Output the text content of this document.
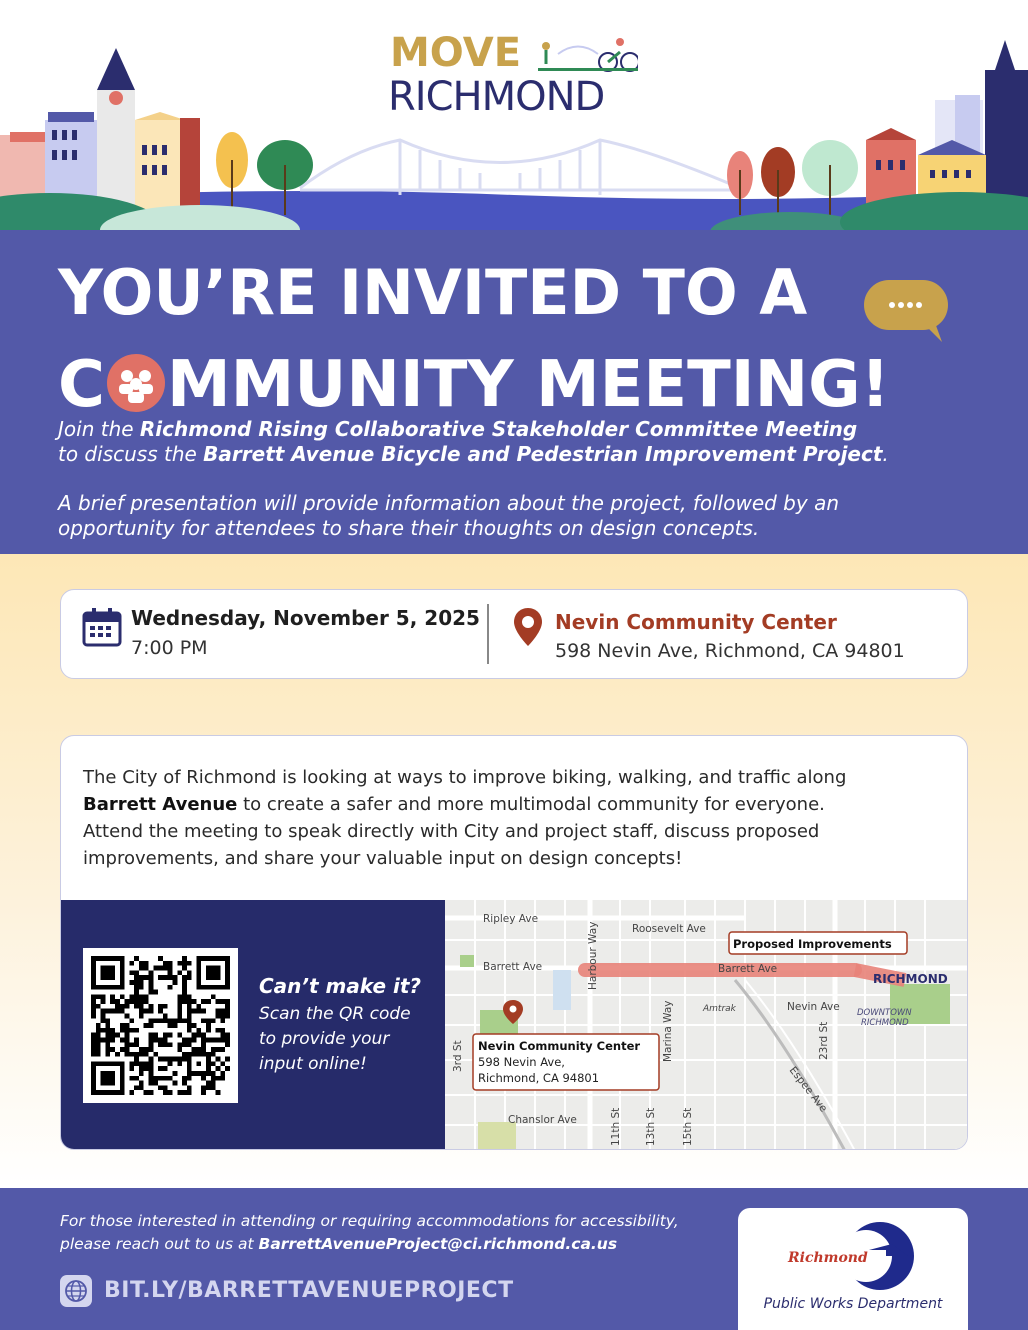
MOVE
RICHMOND
YOU’RE INVITED TO A
C MMUNITY MEETING!
Join the Richmond Rising Collaborative Stakeholder Committee Meeting
to discuss the Barrett Avenue Bicycle and Pedestrian Improvement Project.
A brief presentation will provide information about the project, followed by an
opportunity for attendees to share their thoughts on design concepts.
Wednesday, November 5, 2025
7:00 PM
Nevin Community Center
598 Nevin Ave, Richmond, CA 94801
The City of Richmond is looking at ways to improve biking, walking, and traffic along
Barrett Avenue to create a safer and more multimodal community for everyone.
Attend the meeting to speak directly with City and project staff, discuss proposed
improvements, and share your valuable input on design concepts!
Can’t make it?
Scan the QR code
to provide your
input online!
Ripley Ave
Roosevelt Ave
Barrett Ave	Barrett Ave
Harbour Way
Amtrak	Nevin Ave
Marina Way	23rd St
3rd St
Espee Ave
Chanslor Ave	11th St 13th St 15th St
Proposed Improvements
RICHMOND
DOWNTOWN
RICHMOND
Nevin Community Center
598 Nevin Ave,
Richmond, CA 94801
For those interested in attending or requiring accommodations for accessibility,
please reach out to us at BarrettAvenueProject@ci.richmond.ca.us
BIT.LY/BARRETTAVENUEPROJECT
Richmond
Public Works Department
